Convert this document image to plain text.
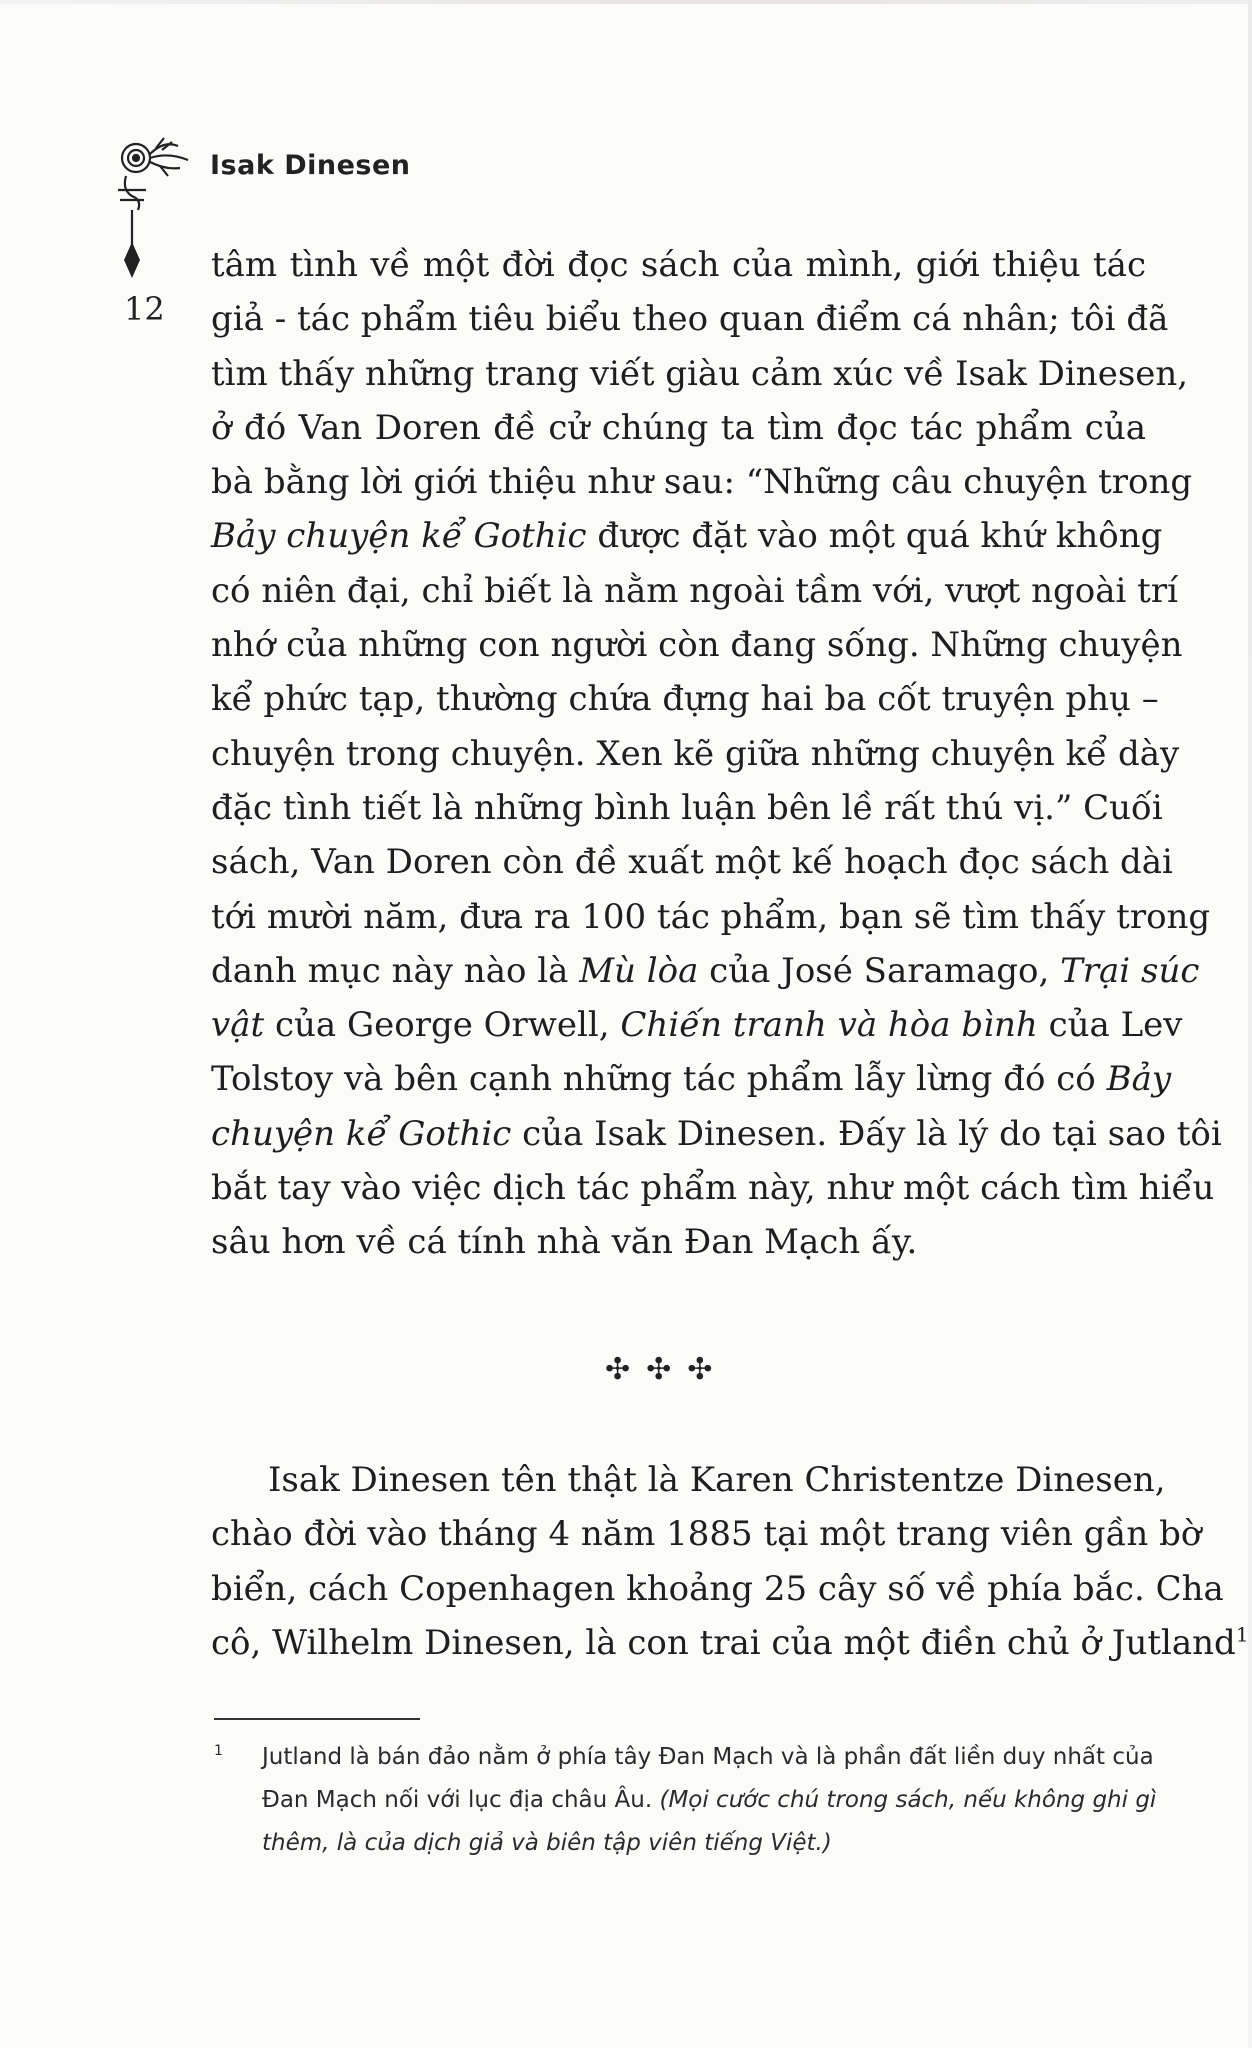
Isak Dinesen
12
tâm tình về một đời đọc sách của mình, giới thiệu tác
giả - tác phẩm tiêu biểu theo quan điểm cá nhân; tôi đã
tìm thấy những trang viết giàu cảm xúc về Isak Dinesen,
ở đó Van Doren đề cử chúng ta tìm đọc tác phẩm của
bà bằng lời giới thiệu như sau: “Những câu chuyện trong
Bảy chuyện kể Gothic được đặt vào một quá khứ không
có niên đại, chỉ biết là nằm ngoài tầm với, vượt ngoài trí
nhớ của những con người còn đang sống. Những chuyện
kể phức tạp, thường chứa đựng hai ba cốt truyện phụ –
chuyện trong chuyện. Xen kẽ giữa những chuyện kể dày
đặc tình tiết là những bình luận bên lề rất thú vị.” Cuối
sách, Van Doren còn đề xuất một kế hoạch đọc sách dài
tới mười năm, đưa ra 100 tác phẩm, bạn sẽ tìm thấy trong
danh mục này nào là Mù lòa của José Saramago, Trại súc
vật của George Orwell, Chiến tranh và hòa bình của Lev
Tolstoy và bên cạnh những tác phẩm lẫy lừng đó có Bảy
chuyện kể Gothic của Isak Dinesen. Đấy là lý do tại sao tôi
bắt tay vào việc dịch tác phẩm này, như một cách tìm hiểu
sâu hơn về cá tính nhà văn Đan Mạch ấy.
✣✣✣
Isak Dinesen tên thật là Karen Christentze Dinesen,
chào đời vào tháng 4 năm 1885 tại một trang viên gần bờ
biển, cách Copenhagen khoảng 25 cây số về phía bắc. Cha
cô, Wilhelm Dinesen, là con trai của một điền chủ ở Jutland$^1$
1 Jutland là bán đảo nằm ở phía tây Đan Mạch và là phần đất liền duy nhất của
Đan Mạch nối với lục địa châu Âu. (Mọi cước chú trong sách, nếu không ghi gì
thêm, là của dịch giả và biên tập viên tiếng Việt.)
